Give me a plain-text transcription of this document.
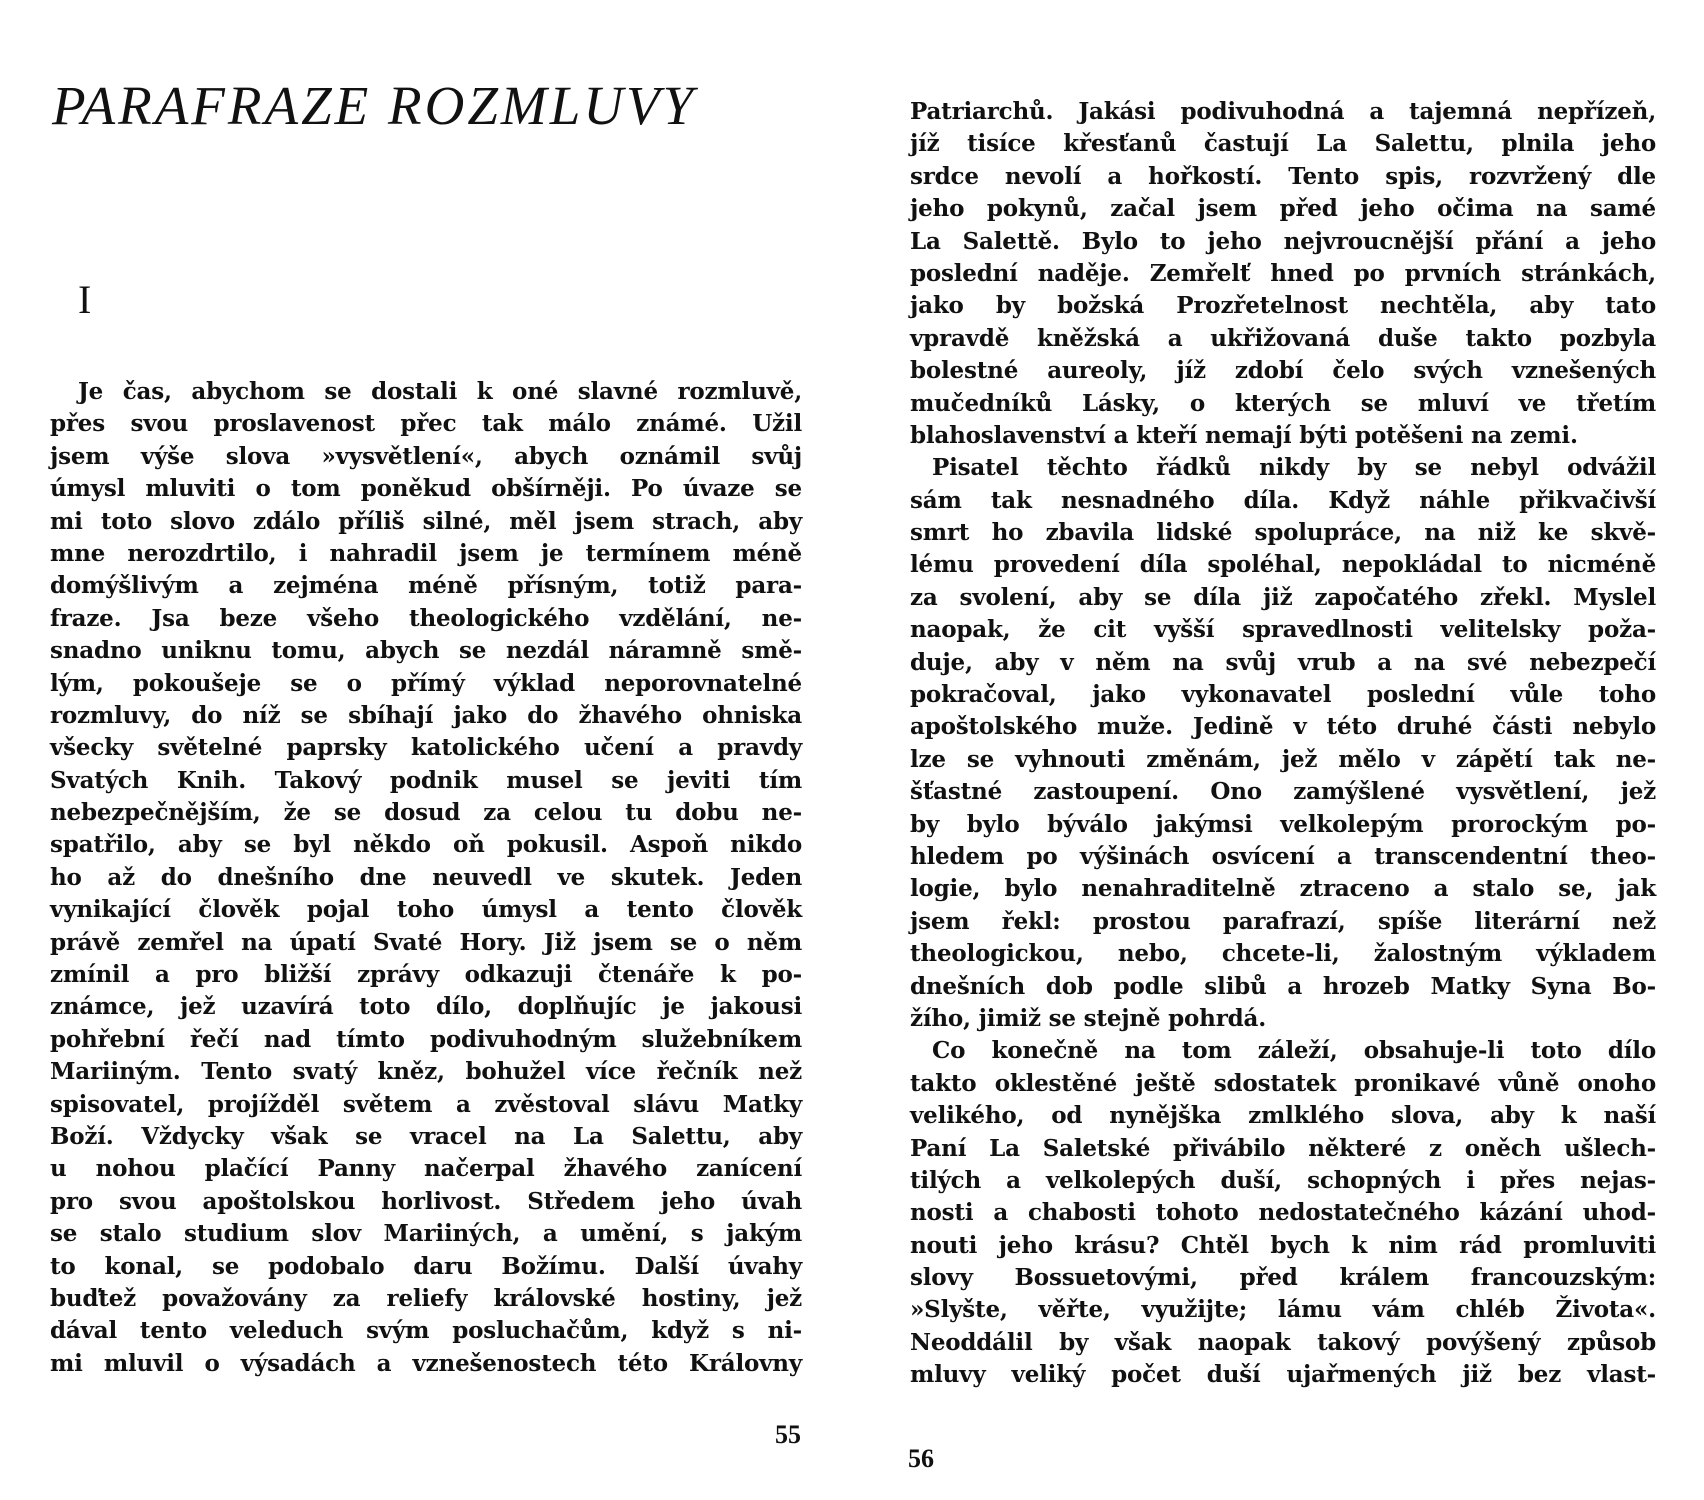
PARAFRAZE ROZMLUVY
I
Je čas, abychom se dostali k oné slavné rozmluvě,
přes svou proslavenost přec tak málo známé. Užil
jsem výše slova »vysvětlení«, abych oznámil svůj
úmysl mluviti o tom poněkud obšírněji. Po úvaze se
mi toto slovo zdálo příliš silné, měl jsem strach, aby
mne nerozdrtilo, i nahradil jsem je termínem méně
domýšlivým a zejména méně přísným, totiž para-
fraze. Jsa beze všeho theologického vzdělání, ne-
snadno uniknu tomu, abych se nezdál náramně smě-
lým, pokoušeje se o přímý výklad neporovnatelné
rozmluvy, do níž se sbíhají jako do žhavého ohniska
všecky světelné paprsky katolického učení a pravdy
Svatých Knih. Takový podnik musel se jeviti tím
nebezpečnějším, že se dosud za celou tu dobu ne-
spatřilo, aby se byl někdo oň pokusil. Aspoň nikdo
ho až do dnešního dne neuvedl ve skutek. Jeden
vynikající člověk pojal toho úmysl a tento člověk
právě zemřel na úpatí Svaté Hory. Již jsem se o něm
zmínil a pro bližší zprávy odkazuji čtenáře k po-
známce, jež uzavírá toto dílo, doplňujíc je jakousi
pohřební řečí nad tímto podivuhodným služebníkem
Mariiným. Tento svatý kněz, bohužel více řečník než
spisovatel, projížděl světem a zvěstoval slávu Matky
Boží. Vždycky však se vracel na La Salettu, aby
u nohou plačící Panny načerpal žhavého zanícení
pro svou apoštolskou horlivost. Středem jeho úvah
se stalo studium slov Mariiných, a umění, s jakým
to konal, se podobalo daru Božímu. Další úvahy
buďtež považovány za reliefy královské hostiny, jež
dával tento veleduch svým posluchačům, když s ni-
mi mluvil o výsadách a vznešenostech této Královny
55
Patriarchů. Jakási podivuhodná a tajemná nepřízeň,
jíž tisíce křesťanů častují La Salettu, plnila jeho
srdce nevolí a hořkostí. Tento spis, rozvržený dle
jeho pokynů, začal jsem před jeho očima na samé
La Salettě. Bylo to jeho nejvroucnější přání a jeho
poslední naděje. Zemřelť hned po prvních stránkách,
jako by božská Prozřetelnost nechtěla, aby tato
vpravdě kněžská a ukřižovaná duše takto pozbyla
bolestné aureoly, jíž zdobí čelo svých vznešených
mučedníků Lásky, o kterých se mluví ve třetím
blahoslavenství a kteří nemají býti potěšeni na zemi.
Pisatel těchto řádků nikdy by se nebyl odvážil
sám tak nesnadného díla. Když náhle přikvačivší
smrt ho zbavila lidské spolupráce, na niž ke skvě-
lému provedení díla spoléhal, nepokládal to nicméně
za svolení, aby se díla již započatého zřekl. Myslel
naopak, že cit vyšší spravedlnosti velitelsky poža-
duje, aby v něm na svůj vrub a na své nebezpečí
pokračoval, jako vykonavatel poslední vůle toho
apoštolského muže. Jedině v této druhé části nebylo
lze se vyhnouti změnám, jež mělo v zápětí tak ne-
šťastné zastoupení. Ono zamýšlené vysvětlení, jež
by bylo býválo jakýmsi velkolepým prorockým po-
hledem po výšinách osvícení a transcendentní theo-
logie, bylo nenahraditelně ztraceno a stalo se, jak
jsem řekl: prostou parafrazí, spíše literární než
theologickou, nebo, chcete-li, žalostným výkladem
dnešních dob podle slibů a hrozeb Matky Syna Bo-
žího, jimiž se stejně pohrdá.
Co konečně na tom záleží, obsahuje-li toto dílo
takto oklestěné ještě sdostatek pronikavé vůně onoho
velikého, od nynějška zmlklého slova, aby k naší
Paní La Saletské přivábilo některé z oněch ušlech-
tilých a velkolepých duší, schopných i přes nejas-
nosti a chabosti tohoto nedostatečného kázání uhod-
nouti jeho krásu? Chtěl bych k nim rád promluviti
slovy Bossuetovými, před králem francouzským:
»Slyšte, věřte, využijte; lámu vám chléb Života«.
Neoddálil by však naopak takový povýšený způsob
mluvy veliký počet duší ujařmených již bez vlast-
56
